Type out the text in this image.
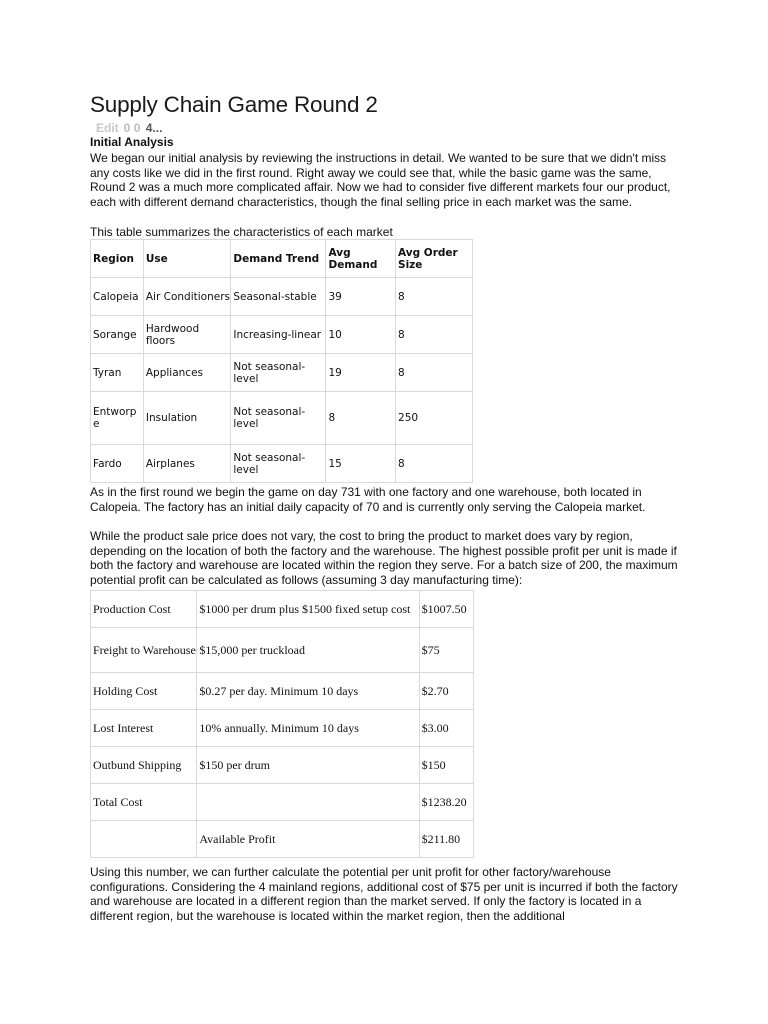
Supply Chain Game Round 2
Edit 0 0 4...
Initial Analysis
We began our initial analysis by reviewing the instructions in detail. We wanted to be sure that we didn't miss any costs like we did in the first round. Right away we could see that, while the basic game was the same, Round 2 was a much more complicated affair. Now we had to consider five different markets four our product, each with different demand characteristics, though the final selling price in each market was the same.
This table summarizes the characteristics of each market
Region	Use	Demand Trend	Avg Demand	Avg Order Size
Calopeia	Air Conditioners	Seasonal-stable	39	8
Sorange	Hardwood floors	Increasing-linear	10	8
Tyran	Appliances	Not seasonal-level	19	8
Entworp e	Insulation	Not seasonal-level	8	250
Fardo	Airplanes	Not seasonal-level	15	8
As in the first round we begin the game on day 731 with one factory and one warehouse, both located in Calopeia. The factory has an initial daily capacity of 70 and is currently only serving the Calopeia market.
While the product sale price does not vary, the cost to bring the product to market does vary by region, depending on the location of both the factory and the warehouse. The highest possible profit per unit is made if both the factory and warehouse are located within the region they serve. For a batch size of 200, the maximum potential profit can be calculated as follows (assuming 3 day manufacturing time):
Production Cost	$1000 per drum plus $1500 fixed setup cost	$1007.50
Freight to Warehouse	$15,000 per truckload	$75
Holding Cost	$0.27 per day. Minimum 10 days	$2.70
Lost Interest	10% annually. Minimum 10 days	$3.00
Outbund Shipping	$150 per drum	$150
Total Cost		$1238.20
	Available Profit	$211.80
Using this number, we can further calculate the potential per unit profit for other factory/warehouse configurations. Considering the 4 mainland regions, additional cost of $75 per unit is incurred if both the factory and warehouse are located in a different region than the market served. If only the factory is located in a different region, but the warehouse is located within the market region, then the additional
